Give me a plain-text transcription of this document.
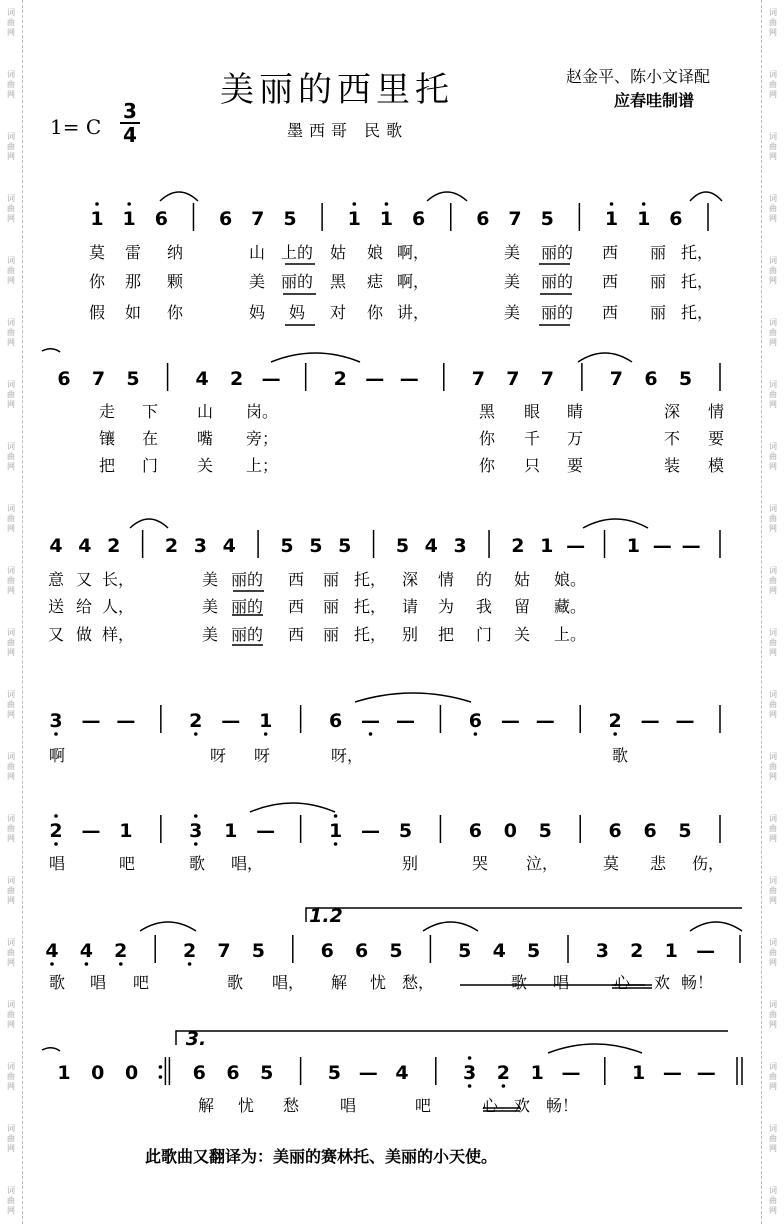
词
曲
网
词
曲
网
词
曲
网
词
曲
网
词
曲
网
词
曲
网
词
曲
网
词
曲
网
词
曲
网
词
曲
网
词
曲
网
词
曲
网
词
曲
网
词
曲
网
词
曲
网
词
曲
网
词
曲
网
词
曲
网
词
曲
网
词
曲
网
词
曲
网
词
曲
网
词
曲
网
词
曲
网
词
曲
网
词
曲
网
词
曲
网
词
曲
网
词
曲
网
词
曲
网
词
曲
网
词
曲
网
词
曲
网
词
曲
网
词
曲
网
词
曲
网
词
曲
网
词
曲
网
词
曲
网
词
曲
网
美丽的西里托	赵金平、陈小文译配
应春哇制谱
1= C
3
4	墨西哥 民歌
1 1 6	6 7 5	1 1 6	6 7 5	1 1 6
6 7 5	4 2 —	2 — —	7 7 7	7 6 5
4 4 2 2 3 4 5 5 5 5 4 3 2 1 — 1 — —
3 — —	2 — 1	6 — —	6 — —	2 — —
2 — 1	3 1 —	1 — 5	6 0 5	6 6 5
4 4 2	2 7 5	6 6 5	5 4 5	3 2 1 —
1.2
1 0 0	6 6 5	5 — 4	3 2 1 —	1 — —
3.
莫 雷 纳	山 上的 姑 娘 啊，	美 丽的 西 丽 托，
你 那 颗	美 丽的 黑 痣 啊，	美 丽的 西 丽 托，
假 如 你	妈 妈 对 你 讲，	美 丽的 西 丽 托，
走 下 山 岗。	黑 眼 睛	深 情
镶 在 嘴 旁；	你 千 万	不 要
把 门 关 上；	你 只 要	装 模
意 又 长，	美 丽的 西 丽 托， 深 情 的 姑 娘。
送 给 人，	美 丽的 西 丽 托， 请 为 我 留 藏。
又 做 样，	美 丽的 西 丽 托， 别 把 门 关 上。
啊	呀 呀	呀，	歌
唱	吧	歌 唱，	别	哭 泣，	莫 悲 伤，
歌 唱 吧	歌 唱， 解 忧 愁，	歌 唱	心 欢 畅！
解 忧 愁	唱	吧	心 欢 畅！
此歌曲又翻译为：美丽的赛林托、美丽的小天使。
